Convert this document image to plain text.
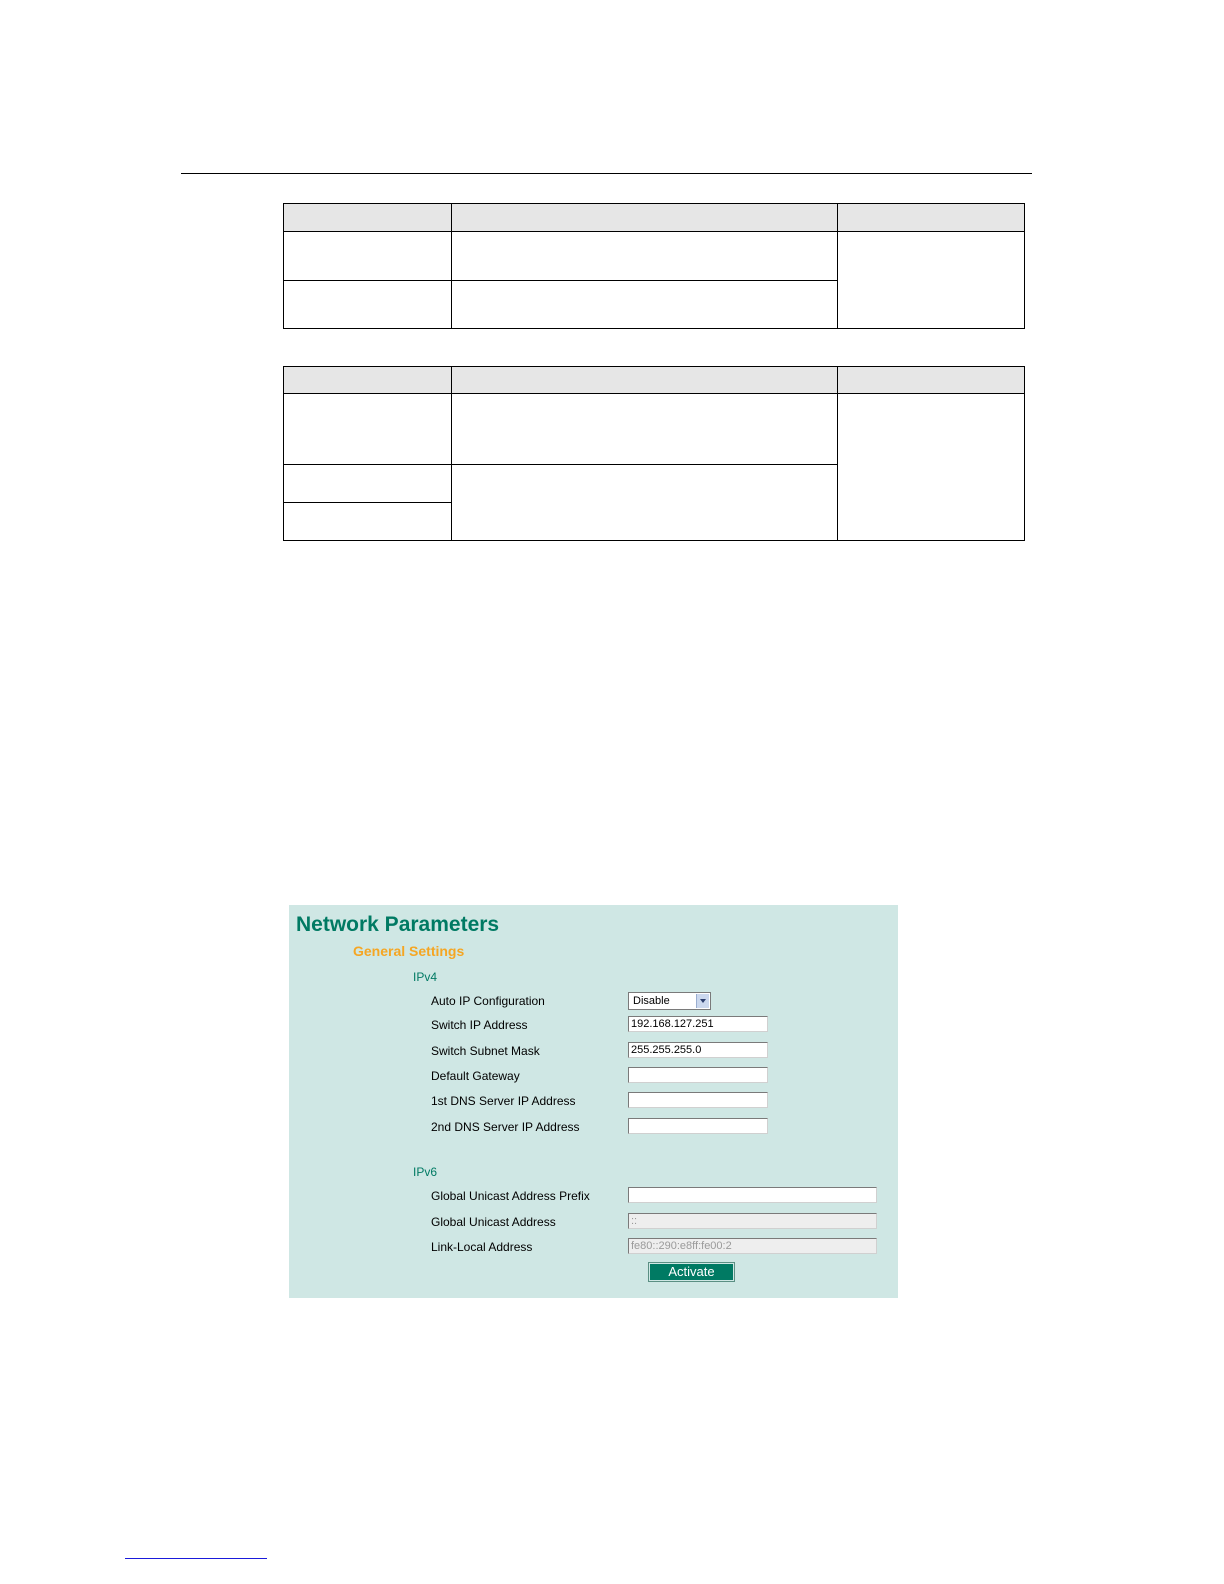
Network Parameters
General Settings
IPv4
Auto IP Configuration	Disable
Switch IP Address	192.168.127.251
Switch Subnet Mask	255.255.255.0
Default Gateway
1st DNS Server IP Address
2nd DNS Server IP Address
IPv6
Global Unicast Address Prefix
Global Unicast Address	::
Link-Local Address	fe80::290:e8ff:fe00:2
Activate
